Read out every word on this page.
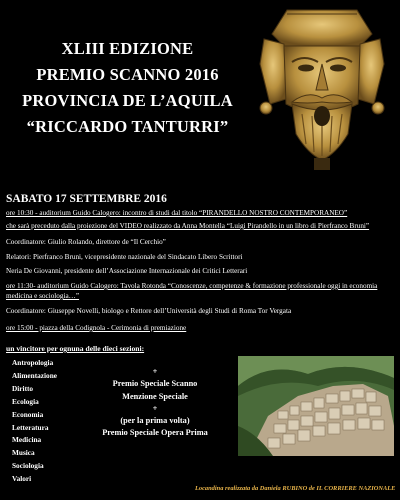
XLIII EDIZIONE
PREMIO SCANNO 2016
PROVINCIA DE L’AQUILA
“RICCARDO TANTURRI”
SABATO 17 SETTEMBRE 2016
ore 10:30 - auditorium Guido Calogero: incontro di studi dal titolo “PIRANDELLO NOSTRO CONTEMPORANEO”
che sarà preceduto dalla proiezione del VIDEO realizzato da Anna Montella “Luigi Pirandello in un libro di Pierfranco Bruni”
Coordinatore: Giulio Rolando, direttore de “Il Cerchio”
Relatori: Pierfranco Bruni, vicepresidente nazionale del Sindacato Libero Scrittori
Neria De Giovanni, presidente dell’Associazione Internazionale dei Critici Letterari
ore 11:30- auditorium Guido Calogero: Tavola Rotonda “Conoscenze, competenze & formazione professionale oggi in economia
medicina e sociologia…”
Coordinatore: Giuseppe Novelli, biologo e Rettore dell’Università degli Studi di Roma Tor Vergata
ore 15:00 - piazza della Codignola - Cerimonia di premiazione
un vincitore per ognuna delle dieci sezioni:
Antropologia
Alimentazione
Diritto
Ecologia
Economia
Letteratura
Medicina
Musica
Sociologia
Valori
+
Premio Speciale Scanno
Menzione Speciale
+
(per la prima volta)
Premio Speciale Opera Prima
Locandina realizzata da Daniela RUBINO de IL CORRIERE NAZIONALE
